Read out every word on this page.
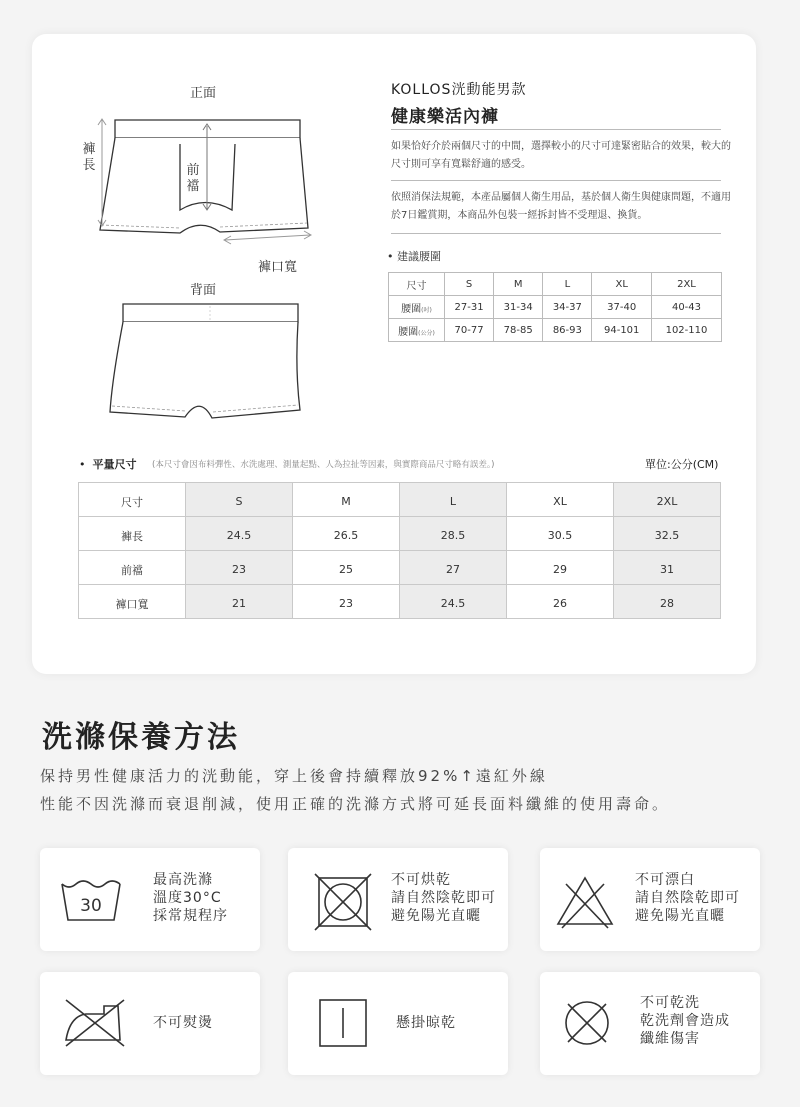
正面
褲長	前襠
褲口寬
背面
KOLLOS洸動能男款
健康樂活內褲
如果恰好介於兩個尺寸的中間，選擇較小的尺寸可達緊密貼合的效果，較大的尺寸則可享有寬鬆舒適的感受。
依照消保法規範，本產品屬個人衛生用品，基於個人衛生與健康問題，不適用於7日鑑賞期，本商品外包裝一經拆封皆不受理退、換貨。
• 建議腰圍
尺寸	S	M	L	XL	2XL
腰圍(吋)	27-31	31-34	34-37	37-40	40-43
腰圍(公分)	70-77	78-85	86-93	94-101	102-110
•  平量尺寸 (本尺寸會因布料彈性、水洗處理、測量起點、人為拉扯等因素，與實際商品尺寸略有誤差。)	單位:公分(CM)
尺寸	S	M	L	XL	2XL
褲長	24.5	26.5	28.5	30.5	32.5
前襠	23	25	27	29	31
褲口寬	21	23	24.5	26	28
洗滌保養方法
保持男性健康活力的洸動能，穿上後會持續釋放92%↑遠紅外線
性能不因洗滌而衰退削減，使用正確的洗滌方式將可延長面料纖維的使用壽命。
30
最高洗滌
溫度30°C
採常規程序
不可烘乾
請自然陰乾即可
避免陽光直曬
不可漂白
請自然陰乾即可
避免陽光直曬
不可熨燙	懸掛晾乾
不可乾洗
乾洗劑會造成
纖維傷害
